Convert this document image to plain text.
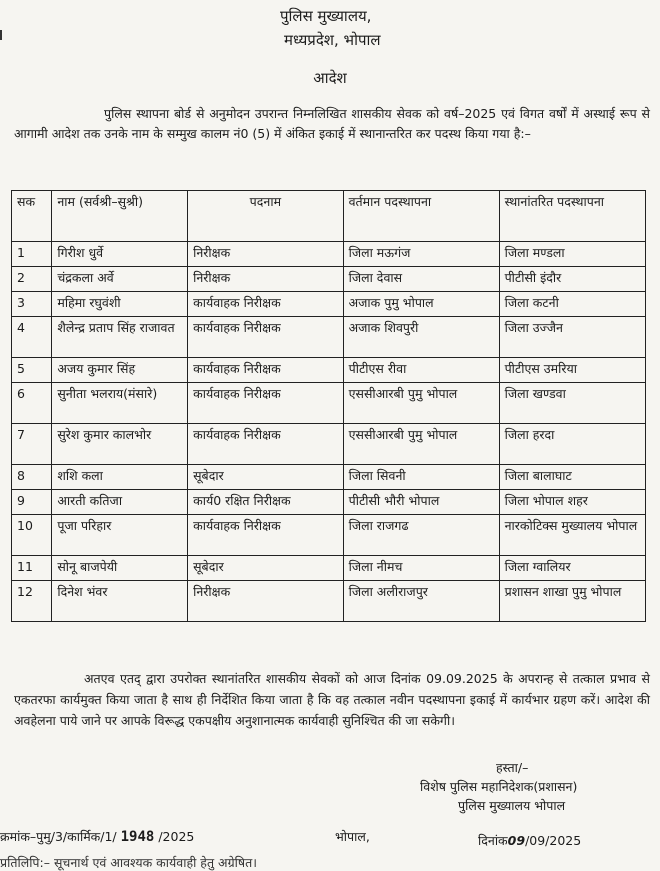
पुलिस मुख्यालय,
मध्यप्रदेश, भोपाल
आदेश
पुलिस स्थापना बोर्ड से अनुमोदन उपरान्त निम्नलिखित शासकीय सेवक को वर्ष–2025 एवं विगत वर्षों में अस्थाई रूप से आगामी आदेश तक उनके नाम के सम्मुख कालम नं0 (5) में अंकित इकाई में स्थानान्तरित कर पदस्थ किया गया है:–
सक	नाम (सर्वश्री–सुश्री)	पदनाम	वर्तमान पदस्थापना	स्थानांतरित पदस्थापना
1	गिरीश धुर्वे	निरीक्षक	जिला मऊगंज	जिला मण्डला
2	चंद्रकला अर्वे	निरीक्षक	जिला देवास	पीटीसी इंदौर
3	महिमा रघुवंशी	कार्यवाहक निरीक्षक	अजाक पुमु भोपाल	जिला कटनी
4	शैलेन्द्र प्रताप सिंह राजावत	कार्यवाहक निरीक्षक	अजाक शिवपुरी	जिला उज्जैन
5	अजय कुमार सिंह	कार्यवाहक निरीक्षक	पीटीएस रीवा	पीटीएस उमरिया
6	सुनीता भलराय(मंसारे)	कार्यवाहक निरीक्षक	एससीआरबी पुमु भोपाल	जिला खण्डवा
7	सुरेश कुमार कालभोर	कार्यवाहक निरीक्षक	एससीआरबी पुमु भोपाल	जिला हरदा
8	शशि कला	सूबेदार	जिला सिवनी	जिला बालाघाट
9	आरती कतिजा	कार्य0 रक्षित निरीक्षक	पीटीसी भौरी भोपाल	जिला भोपाल शहर
10	पूजा परिहार	कार्यवाहक निरीक्षक	जिला राजगढ	नारकोटिक्स मुख्यालय भोपाल
11	सोनू बाजपेयी	सूबेदार	जिला नीमच	जिला ग्वालियर
12	दिनेश भंवर	निरीक्षक	जिला अलीराजपुर	प्रशासन शाखा पुमु भोपाल
अतएव एतद् द्वारा उपरोक्त स्थानांतरित शासकीय सेवकों को आज दिनांक 09.09.2025 के अपरान्ह से तत्काल प्रभाव से एकतरफा कार्यमुक्त किया जाता है साथ ही निर्देशित किया जाता है कि वह तत्काल नवीन पदस्थापना इकाई में कार्यभार ग्रहण करें। आदेश की अवहेलना पाये जाने पर आपके विरूद्ध एकपक्षीय अनुशानात्मक कार्यवाही सुनिश्चित की जा सकेगी।
हस्ता/–
विशेष पुलिस महानिदेशक(प्रशासन)
पुलिस मुख्यालय भोपाल
क्रमांक–पुमु/3/कार्मिक/1/ 1948 /2025	भोपाल,	दिनांक09/09/2025
प्रतिलिपि:– सूचनार्थ एवं आवश्यक कार्यवाही हेतु अग्रेषित।
